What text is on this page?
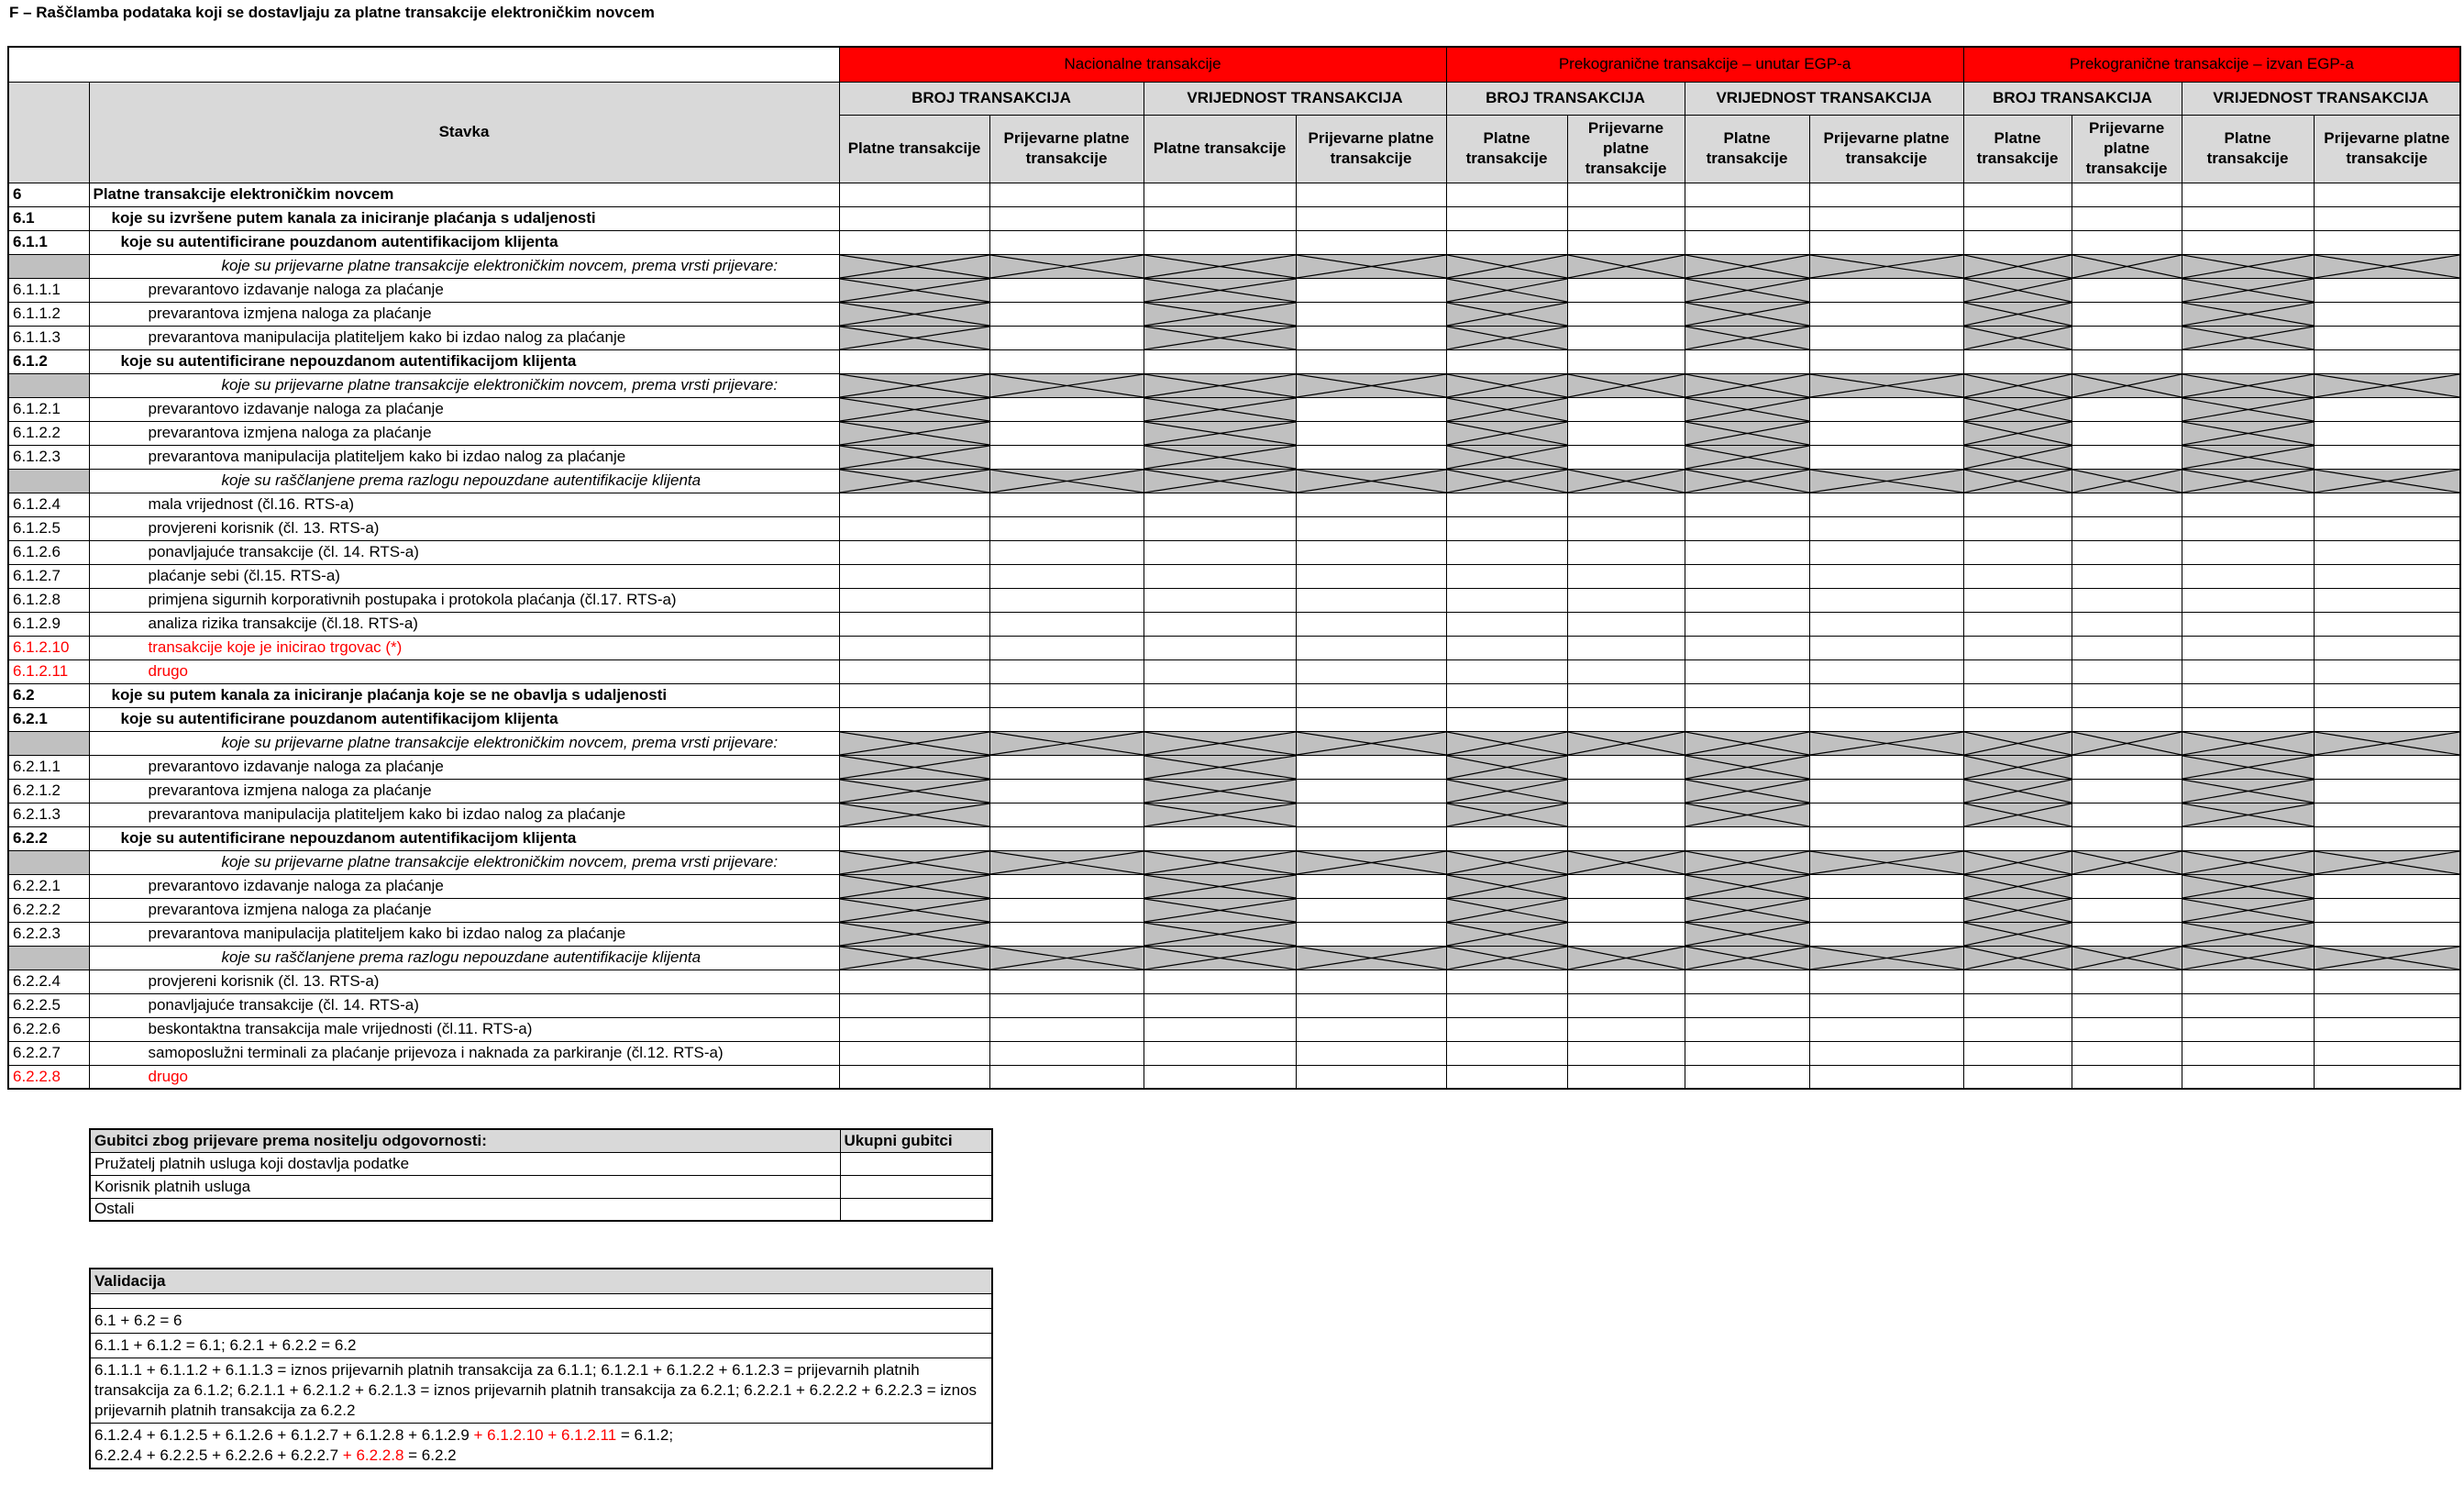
F – Raščlamba podataka koji se dostavljaju za platne transakcije elektroničkim novcem
		Nacionalne transakcije				Prekogranične transakcije – unutar EGP-a				Prekogranične transakcije – izvan EGP-a			
	Stavka	BROJ TRANSAKCIJA		VRIJEDNOST TRANSAKCIJA		BROJ TRANSAKCIJA		VRIJEDNOST TRANSAKCIJA		BROJ TRANSAKCIJA		VRIJEDNOST TRANSAKCIJA	
		Platne transakcije	Prijevarne platne transakcije	Platne transakcije	Prijevarne platne transakcije	Platne transakcije	Prijevarne platne transakcije	Platne transakcije	Prijevarne platne transakcije	Platne transakcije	Prijevarne platne transakcije	Platne transakcije	Prijevarne platne transakcije
6	Platne transakcije elektroničkim novcem												
6.1	koje su izvršene putem kanala za iniciranje plaćanja s udaljenosti												
6.1.1	koje su autentificirane pouzdanom autentifikacijom klijenta												
	koje su prijevarne platne transakcije elektroničkim novcem, prema vrsti prijevare:	

6.1.1.1	prevarantovo izdavanje naloga za plaćanje	

6.1.1.2	prevarantova izmjena naloga za plaćanje	

6.1.1.3	prevarantova manipulacija platiteljem kako bi izdao nalog za plaćanje	

6.1.2	koje su autentificirane nepouzdanom autentifikacijom klijenta												
	koje su prijevarne platne transakcije elektroničkim novcem, prema vrsti prijevare:	

6.1.2.1	prevarantovo izdavanje naloga za plaćanje	

6.1.2.2	prevarantova izmjena naloga za plaćanje	

6.1.2.3	prevarantova manipulacija platiteljem kako bi izdao nalog za plaćanje	

	koje su raščlanjene prema razlogu nepouzdane autentifikacije klijenta	

6.1.2.4	mala vrijednost (čl.16. RTS-a)												
6.1.2.5	provjereni korisnik (čl. 13. RTS-a)												
6.1.2.6	ponavljajuće transakcije (čl. 14. RTS-a)												
6.1.2.7	plaćanje sebi (čl.15. RTS-a)												
6.1.2.8	primjena sigurnih korporativnih postupaka i protokola plaćanja (čl.17. RTS-a)												
6.1.2.9	analiza rizika transakcije (čl.18. RTS-a)												
6.1.2.10	transakcije koje je inicirao trgovac (*)												
6.1.2.11	drugo												
6.2	koje su putem kanala za iniciranje plaćanja koje se ne obavlja s udaljenosti												
6.2.1	koje su autentificirane pouzdanom autentifikacijom klijenta												
	koje su prijevarne platne transakcije elektroničkim novcem, prema vrsti prijevare:	

6.2.1.1	prevarantovo izdavanje naloga za plaćanje	

6.2.1.2	prevarantova izmjena naloga za plaćanje	

6.2.1.3	prevarantova manipulacija platiteljem kako bi izdao nalog za plaćanje	

6.2.2	koje su autentificirane nepouzdanom autentifikacijom klijenta												
	koje su prijevarne platne transakcije elektroničkim novcem, prema vrsti prijevare:	

6.2.2.1	prevarantovo izdavanje naloga za plaćanje	

6.2.2.2	prevarantova izmjena naloga za plaćanje	

6.2.2.3	prevarantova manipulacija platiteljem kako bi izdao nalog za plaćanje	

	koje su raščlanjene prema razlogu nepouzdane autentifikacije klijenta	

6.2.2.4	provjereni korisnik (čl. 13. RTS-a)												
6.2.2.5	ponavljajuće transakcije (čl. 14. RTS-a)												
6.2.2.6	beskontaktna transakcija male vrijednosti (čl.11. RTS-a)												
6.2.2.7	samoposlužni terminali za plaćanje prijevoza i naknada za parkiranje (čl.12. RTS-a)												
6.2.2.8	drugo												
Gubitci zbog prijevare prema nositelju odgovornosti:	Ukupni gubitci
Pružatelj platnih usluga koji dostavlja podatke	
Korisnik platnih usluga	
Ostali	
Validacija

6.1 + 6.2 = 6
6.1.1 + 6.1.2 = 6.1; 6.2.1 + 6.2.2 = 6.2
6.1.1.1 + 6.1.1.2 + 6.1.1.3 = iznos prijevarnih platnih transakcija za 6.1.1; 6.1.2.1 + 6.1.2.2 + 6.1.2.3 = prijevarnih platnih transakcija za 6.1.2; 6.2.1.1 + 6.2.1.2 + 6.2.1.3 = iznos prijevarnih platnih transakcija za 6.2.1; 6.2.2.1 + 6.2.2.2 + 6.2.2.3 = iznos prijevarnih platnih transakcija za 6.2.2
6.1.2.4 + 6.1.2.5 + 6.1.2.6 + 6.1.2.7 + 6.1.2.8 + 6.1.2.9 + 6.1.2.10 + 6.1.2.11 = 6.1.2;
6.2.2.4 + 6.2.2.5 + 6.2.2.6 + 6.2.2.7 + 6.2.2.8 = 6.2.2
